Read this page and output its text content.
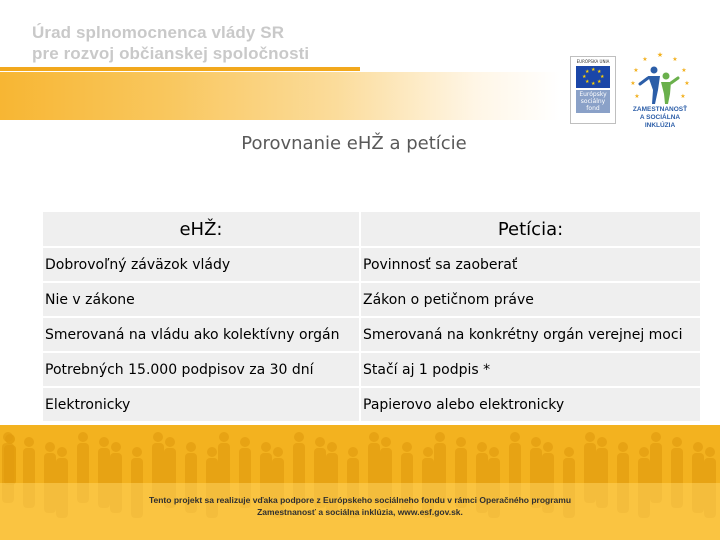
Úrad splnomocnenca vlády SR
pre rozvoj občianskej spoločnosti	EURÓPSKA ÚNIA
★ ★
★
★
★
★
★
★
Európsky
sociálny
fond
★
★	★
★	★
★	★
★	★
ZAMESTNANOSŤ
A SOCIÁLNA INKLÚZIA
Porovnanie eHŽ a petície
eHŽ:	Petícia:
Dobrovoľný záväzok vlády	Povinnosť sa zaoberať
Nie v zákone	Zákon o petičnom práve
Smerovaná na vládu ako kolektívny orgán	Smerovaná na konkrétny orgán verejnej moci
Potrebných 15.000 podpisov za 30 dní	Stačí aj 1 podpis *
Elektronicky	Papierovo alebo elektronicky
Tento projekt sa realizuje vďaka podpore z Európskeho sociálneho fondu v rámci Operačného programu
Zamestnanosť a sociálna inklúzia, www.esf.gov.sk.
